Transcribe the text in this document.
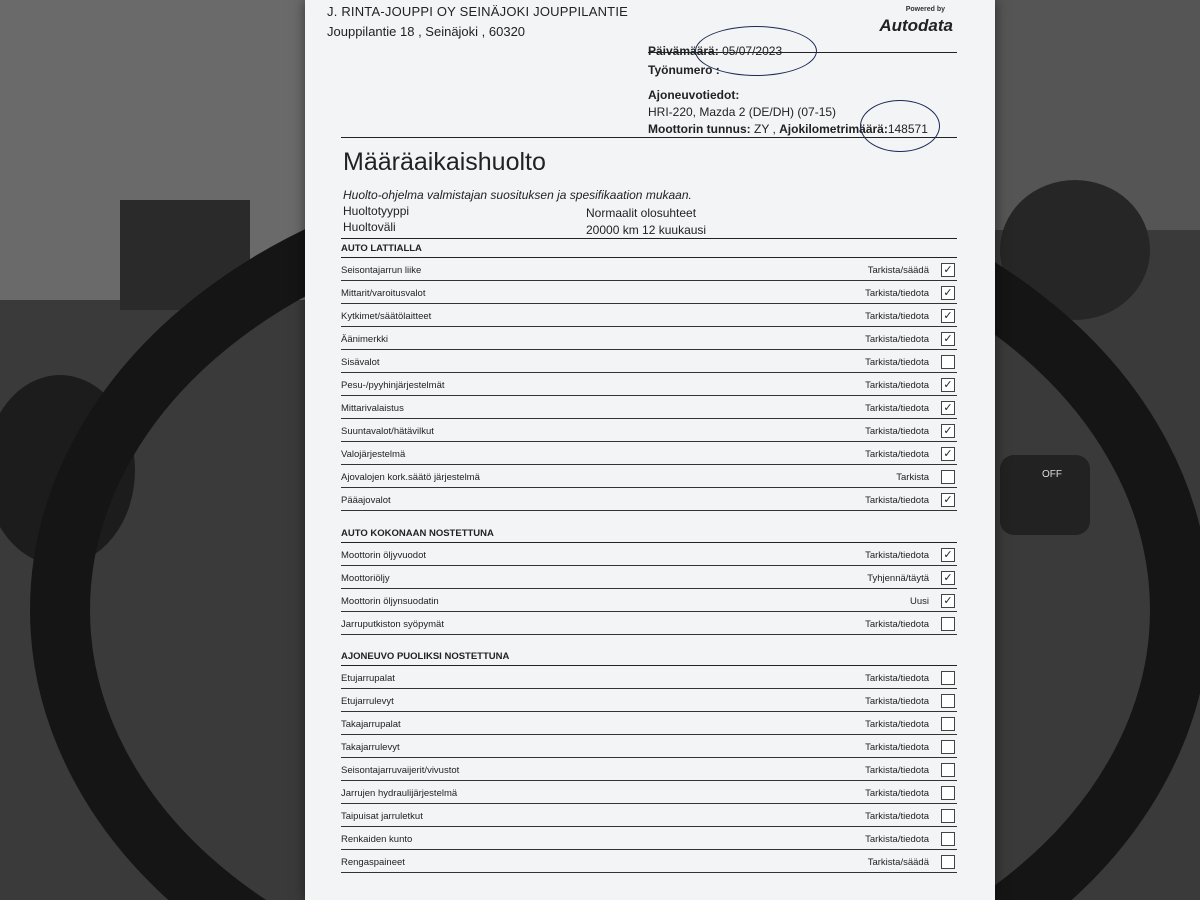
OFF
J. RINTA-JOUPPI OY SEINÄJOKI JOUPPILANTIE
Jouppilantie 18 , Seinäjoki , 60320
Powered by
Autodata
Päivämäärä: 05/07/2023
Työnumero :
Ajoneuvotiedot:
HRI-220, Mazda 2 (DE/DH) (07-15)
Moottorin tunnus: ZY , Ajokilometrimäärä:148571
Määräaikaishuolto
Huolto-ohjelma valmistajan suosituksen ja spesifikaation mukaan.
Huoltotyyppi	Normaalit olosuhteet
Huoltoväli	20000 km 12 kuukausi
AUTO LATTIALLA
Seisontajarrun liike	Tarkista/säädä ✓
Mittarit/varoitusvalot	Tarkista/tiedota ✓
Kytkimet/säätölaitteet	Tarkista/tiedota ✓
Äänimerkki	Tarkista/tiedota ✓
Sisävalot	Tarkista/tiedota
Pesu-/pyyhinjärjestelmät	Tarkista/tiedota ✓
Mittarivalaistus	Tarkista/tiedota ✓
Suuntavalot/hätävilkut	Tarkista/tiedota ✓
Valojärjestelmä	Tarkista/tiedota ✓
Ajovalojen kork.säätö järjestelmä	Tarkista
Pääajovalot	Tarkista/tiedota ✓
AUTO KOKONAAN NOSTETTUNA
Moottorin öljyvuodot	Tarkista/tiedota ✓
Moottoriöljy	Tyhjennä/täytä ✓
Moottorin öljynsuodatin	Uusi ✓
Jarruputkiston syöpymät	Tarkista/tiedota
AJONEUVO PUOLIKSI NOSTETTUNA
Etujarrupalat	Tarkista/tiedota
Etujarrulevyt	Tarkista/tiedota
Takajarrupalat	Tarkista/tiedota
Takajarrulevyt	Tarkista/tiedota
Seisontajarruvaijerit/vivustot	Tarkista/tiedota
Jarrujen hydraulijärjestelmä	Tarkista/tiedota
Taipuisat jarruletkut	Tarkista/tiedota
Renkaiden kunto	Tarkista/tiedota
Rengaspaineet	Tarkista/säädä
